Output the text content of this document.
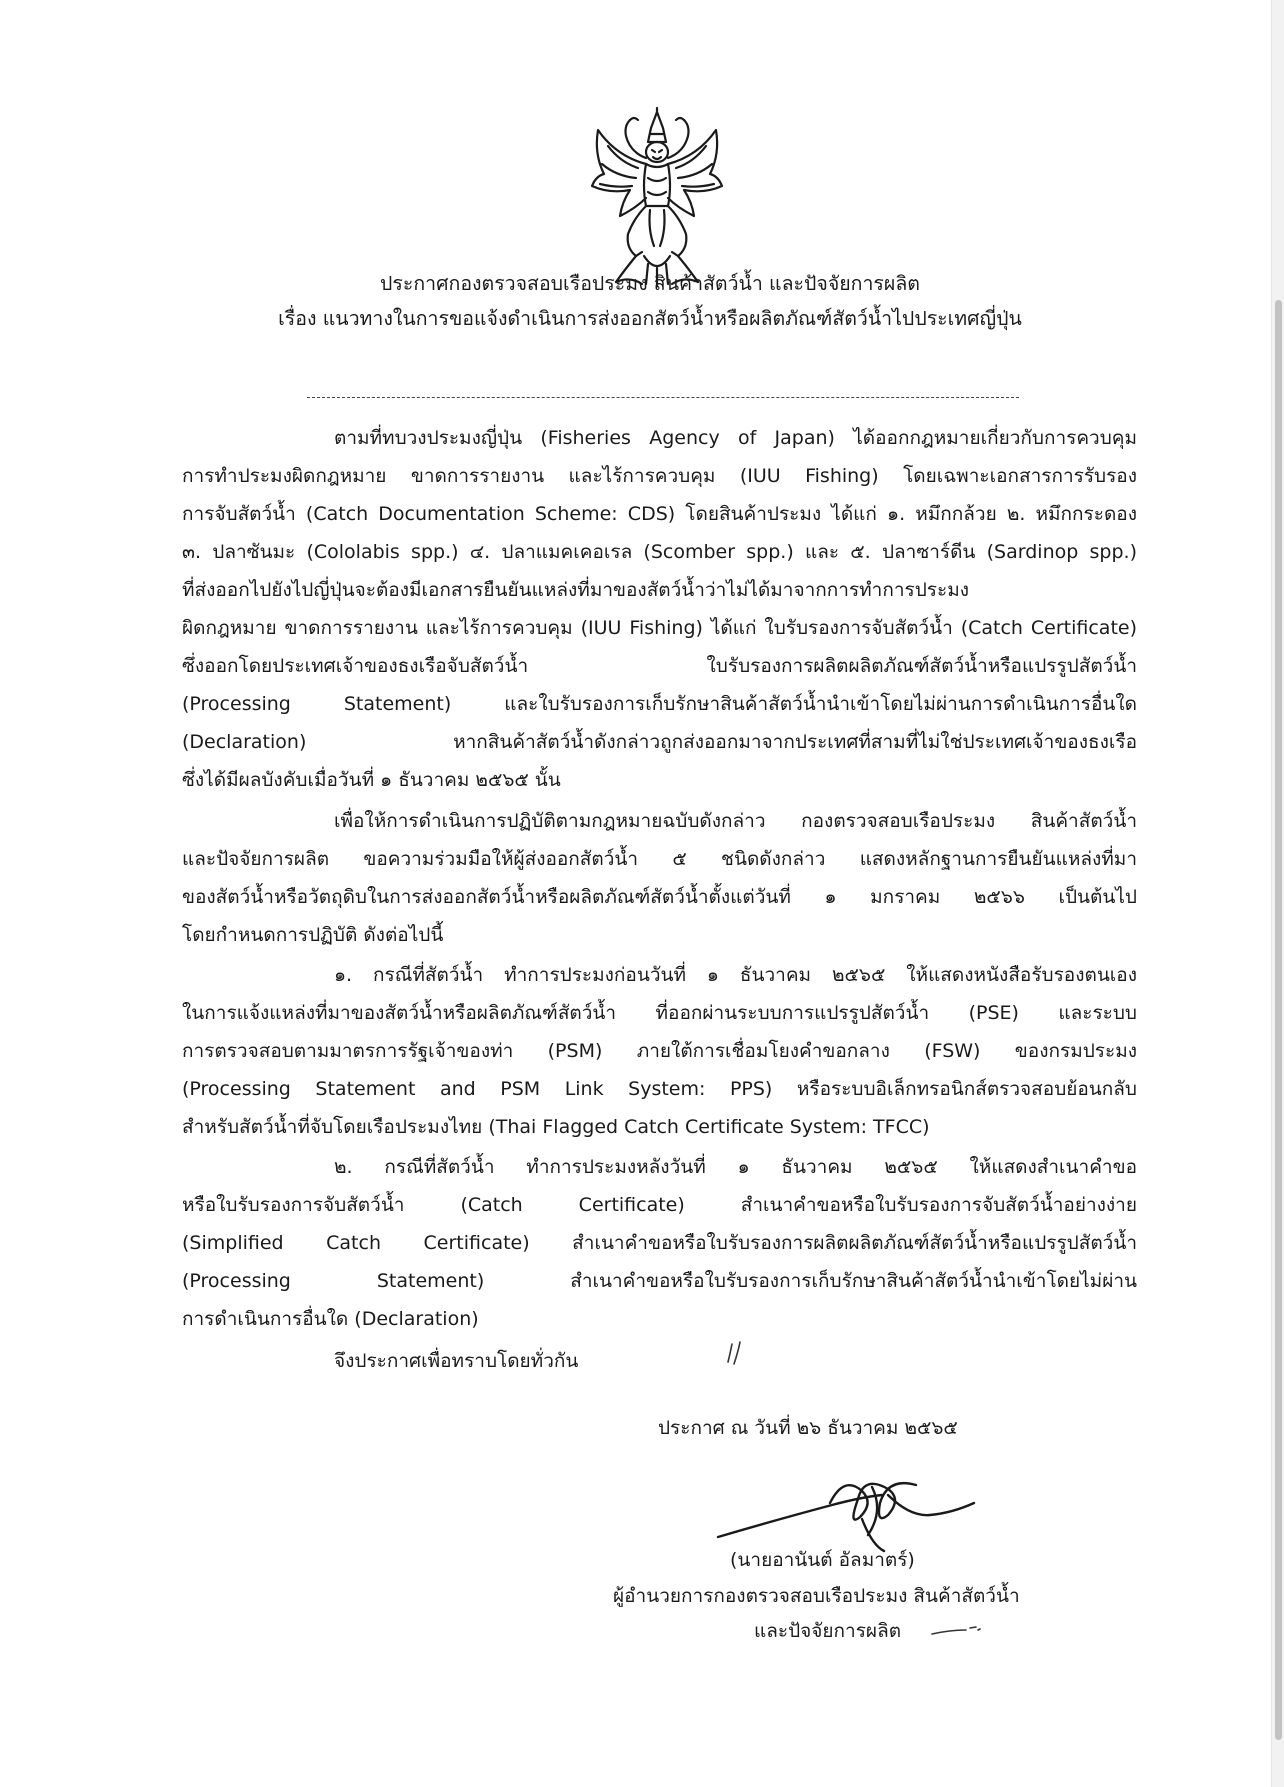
ประกาศกองตรวจสอบเรือประมง สินค้าสัตว์น้ำ และปัจจัยการผลิต
เรื่อง แนวทางในการขอแจ้งดำเนินการส่งออกสัตว์น้ำหรือผลิตภัณฑ์สัตว์น้ำไปประเทศญี่ปุ่น
ตามที่ทบวงประมงญี่ปุ่น (Fisheries Agency of Japan) ได้ออกกฎหมายเกี่ยวกับการควบคุม
การทำประมงผิดกฎหมาย ขาดการรายงาน และไร้การควบคุม (IUU Fishing) โดยเฉพาะเอกสารการรับรอง
การจับสัตว์น้ำ (Catch Documentation Scheme: CDS) โดยสินค้าประมง ได้แก่ ๑. หมึกกล้วย ๒. หมึกกระดอง
๓. ปลาซันมะ (Cololabis spp.) ๔. ปลาแมคเคอเรล (Scomber spp.) และ ๕. ปลาซาร์ดีน (Sardinop spp.)
ที่ส่งออกไปยังไปญี่ปุ่นจะต้องมีเอกสารยืนยันแหล่งที่มาของสัตว์น้ำว่าไม่ได้มาจากการทำการประมง
ผิดกฎหมาย ขาดการรายงาน และไร้การควบคุม (IUU Fishing) ได้แก่ ใบรับรองการจับสัตว์น้ำ (Catch Certificate)
ซึ่งออกโดยประเทศเจ้าของธงเรือจับสัตว์น้ำ ใบรับรองการผลิตผลิตภัณฑ์สัตว์น้ำหรือแปรรูปสัตว์น้ำ
(Processing Statement) และใบรับรองการเก็บรักษาสินค้าสัตว์น้ำนำเข้าโดยไม่ผ่านการดำเนินการอื่นใด
(Declaration) หากสินค้าสัตว์น้ำดังกล่าวถูกส่งออกมาจากประเทศที่สามที่ไม่ใช่ประเทศเจ้าของธงเรือ
ซึ่งได้มีผลบังคับเมื่อวันที่ ๑ ธันวาคม ๒๕๖๕ นั้น
เพื่อให้การดำเนินการปฏิบัติตามกฎหมายฉบับดังกล่าว กองตรวจสอบเรือประมง สินค้าสัตว์น้ำ
และปัจจัยการผลิต ขอความร่วมมือให้ผู้ส่งออกสัตว์น้ำ ๕ ชนิดดังกล่าว แสดงหลักฐานการยืนยันแหล่งที่มา
ของสัตว์น้ำหรือวัตถุดิบในการส่งออกสัตว์น้ำหรือผลิตภัณฑ์สัตว์น้ำตั้งแต่วันที่ ๑ มกราคม ๒๕๖๖ เป็นต้นไป
โดยกำหนดการปฏิบัติ ดังต่อไปนี้
๑. กรณีที่สัตว์น้ำ ทำการประมงก่อนวันที่ ๑ ธันวาคม ๒๕๖๕ ให้แสดงหนังสือรับรองตนเอง
ในการแจ้งแหล่งที่มาของสัตว์น้ำหรือผลิตภัณฑ์สัตว์น้ำ ที่ออกผ่านระบบการแปรรูปสัตว์น้ำ (PSE) และระบบ
การตรวจสอบตามมาตรการรัฐเจ้าของท่า (PSM) ภายใต้การเชื่อมโยงคำขอกลาง (FSW) ของกรมประมง
(Processing Statement and PSM Link System: PPS) หรือระบบอิเล็กทรอนิกส์ตรวจสอบย้อนกลับ
สำหรับสัตว์น้ำที่จับโดยเรือประมงไทย (Thai Flagged Catch Certificate System: TFCC)
๒. กรณีที่สัตว์น้ำ ทำการประมงหลังวันที่ ๑ ธันวาคม ๒๕๖๕ ให้แสดงสำเนาคำขอ
หรือใบรับรองการจับสัตว์น้ำ (Catch Certificate) สำเนาคำขอหรือใบรับรองการจับสัตว์น้ำอย่างง่าย
(Simplified Catch Certificate) สำเนาคำขอหรือใบรับรองการผลิตผลิตภัณฑ์สัตว์น้ำหรือแปรรูปสัตว์น้ำ
(Processing Statement) สำเนาคำขอหรือใบรับรองการเก็บรักษาสินค้าสัตว์น้ำนำเข้าโดยไม่ผ่าน
การดำเนินการอื่นใด (Declaration)
จึงประกาศเพื่อทราบโดยทั่วกัน
ประกาศ ณ วันที่ ๒๖ ธันวาคม ๒๕๖๕
(นายอานันต์ อัลมาตร์)
ผู้อำนวยการกองตรวจสอบเรือประมง สินค้าสัตว์น้ำ
และปัจจัยการผลิต
